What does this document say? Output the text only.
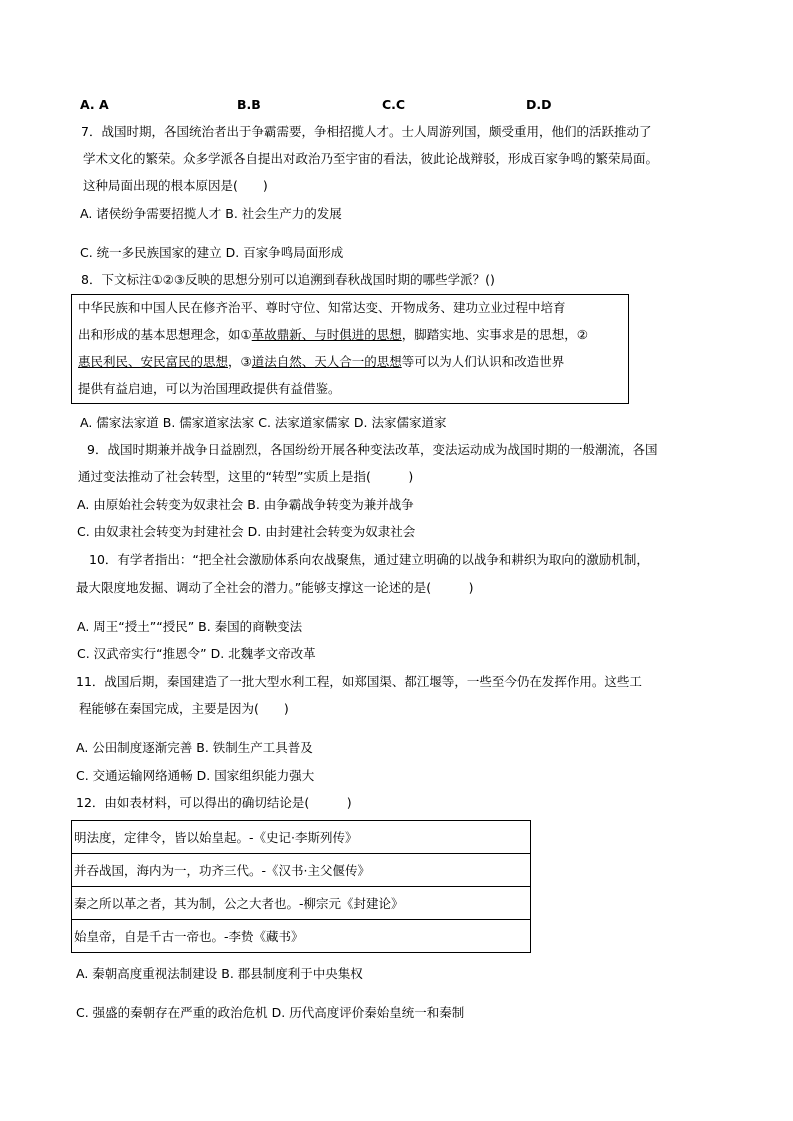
A. A	B.B	C.C	D.D
7．战国时期，各国统治者出于争霸需要，争相招揽人才。士人周游列国，颇受重用，他们的活跃推动了
学术文化的繁荣。众多学派各自提出对政治乃至宇宙的看法，彼此论战辩驳，形成百家争鸣的繁荣局面。
这种局面出现的根本原因是(　　)
A. 诸侯纷争需要招揽人才 B. 社会生产力的发展
C. 统一多民族国家的建立 D. 百家争鸣局面形成
8．下文标注①②③反映的思想分别可以追溯到春秋战国时期的哪些学派？()
中华民族和中国人民在修齐治平、尊时守位、知常达变、开物成务、建功立业过程中培育
出和形成的基本思想理念，如①革故鼎新、与时俱进的思想，脚踏实地、实事求是的思想，②
惠民利民、安民富民的思想，③道法自然、天人合一的思想等可以为人们认识和改造世界
提供有益启迪，可以为治国理政提供有益借鉴。
A. 儒家法家道 B. 儒家道家法家 C. 法家道家儒家 D. 法家儒家道家
9．战国时期兼并战争日益剧烈，各国纷纷开展各种变法改革，变法运动成为战国时期的一般潮流，各国
通过变法推动了社会转型，这里的“转型”实质上是指(　　　)
A. 由原始社会转变为奴隶社会 B. 由争霸战争转变为兼并战争
C. 由奴隶社会转变为封建社会 D. 由封建社会转变为奴隶社会
10．有学者指出：“把全社会激励体系向农战聚焦，通过建立明确的以战争和耕织为取向的激励机制，
最大限度地发掘、调动了全社会的潜力。”能够支撑这一论述的是(　　　)
A. 周王“授土”“授民” B. 秦国的商鞅变法
C. 汉武帝实行“推恩令” D. 北魏孝文帝改革
11．战国后期，秦国建造了一批大型水利工程，如郑国渠、都江堰等，一些至今仍在发挥作用。这些工
程能够在秦国完成，主要是因为(　　)
A. 公田制度逐渐完善 B. 铁制生产工具普及
C. 交通运输网络通畅 D. 国家组织能力强大
12．由如表材料，可以得出的确切结论是(　　　)
明法度，定律令，皆以始皇起。-《史记·李斯列传》
并吞战国，海内为一，功齐三代。-《汉书·主父偃传》
秦之所以革之者，其为制，公之大者也。-柳宗元《封建论》
始皇帝，自是千古一帝也。-李贽《藏书》
A. 秦朝高度重视法制建设 B. 郡县制度利于中央集权
C. 强盛的秦朝存在严重的政治危机 D. 历代高度评价秦始皇统一和秦制
